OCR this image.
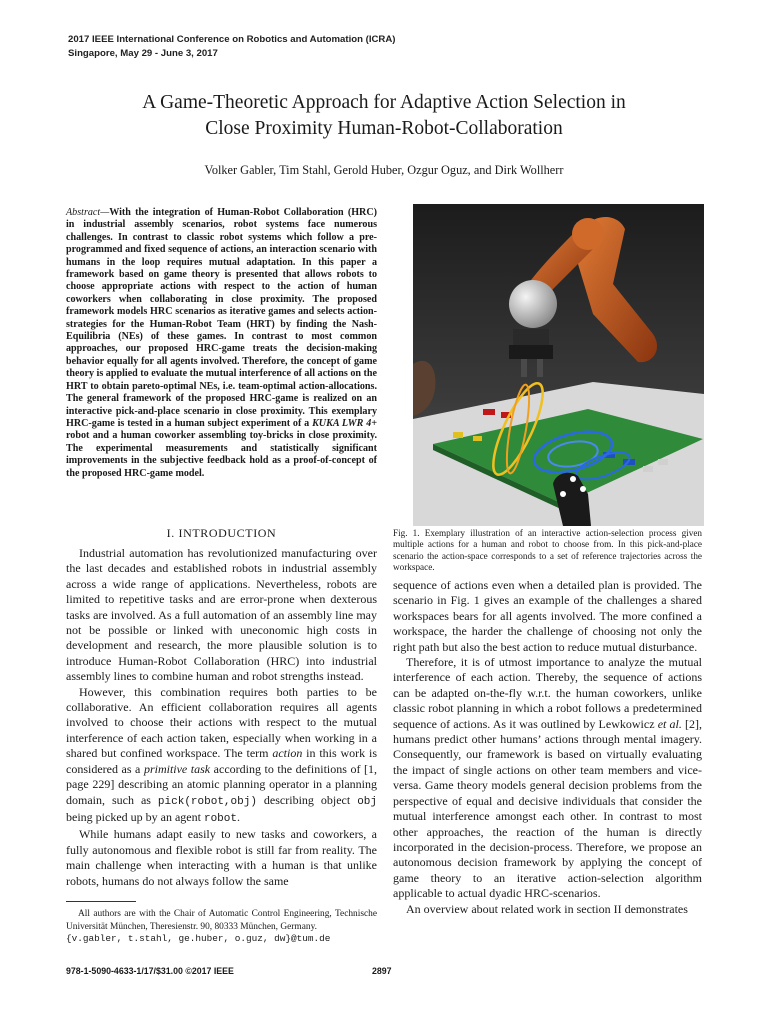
2017 IEEE International Conference on Robotics and Automation (ICRA)
Singapore, May 29 - June 3, 2017
A Game-Theoretic Approach for Adaptive Action Selection in
Close Proximity Human-Robot-Collaboration
Volker Gabler, Tim Stahl, Gerold Huber, Ozgur Oguz, and Dirk Wollherr
Abstract—With the integration of Human-Robot Collaboration (HRC) in industrial assembly scenarios, robot systems face numerous challenges. In contrast to classic robot systems which follow a pre-programmed and fixed sequence of actions, an interaction scenario with humans in the loop requires mutual adaptation. In this paper a framework based on game theory is presented that allows robots to choose appropriate actions with respect to the action of human coworkers when collaborating in close proximity. The proposed framework models HRC scenarios as iterative games and selects action-strategies for the Human-Robot Team (HRT) by finding the Nash-Equilibria (NEs) of these games. In contrast to most common approaches, our proposed HRC-game treats the decision-making behavior equally for all agents involved. Therefore, the concept of game theory is applied to evaluate the mutual interference of all actions on the HRT to obtain pareto-optimal NEs, i.e. team-optimal action-allocations. The general framework of the proposed HRC-game is realized on an interactive pick-and-place scenario in close proximity. This exemplary HRC-game is tested in a human subject experiment of a KUKA LWR 4+ robot and a human coworker assembling toy-bricks in close proximity. The experimental measurements and statistically significant improvements in the subjective feedback hold as a proof-of-concept of the proposed HRC-game model.
I. INTRODUCTION

Industrial automation has revolutionized manufacturing over the last decades and established robots in industrial assembly across a wide range of applications. Nevertheless, robots are limited to repetitive tasks and are error-prone when dexterous tasks are involved. As a full automation of an assembly line may not be possible or linked with uneconomic high costs in development and research, the more plausible solution is to introduce Human-Robot Collaboration (HRC) into industrial assembly lines to combine human and robot strengths instead.

However, this combination requires both parties to be collaborative. An efficient collaboration requires all agents involved to choose their actions with respect to the mutual interference of each action taken, especially when working in a shared but confined workspace. The term action in this work is considered as a primitive task according to the definitions of [1, page 229] describing an atomic planning operator in a planning domain, such as pick(robot,obj) describing object obj being picked up by an agent robot.

While humans adapt easily to new tasks and coworkers, a fully autonomous and flexible robot is still far from reality. The main challenge when interacting with a human is that unlike robots, humans do not always follow the same

All authors are with the Chair of Automatic Control Engineering, Technische Universität München, Theresienstr. 90, 80333 München, Germany.
{v.gabler, t.stahl, ge.huber, o.guz, dw}@tum.de
Fig. 1. Exemplary illustration of an interactive action-selection process given multiple actions for a human and robot to choose from. In this pick-and-place scenario the action-space corresponds to a set of reference trajectories across the workspace.

sequence of actions even when a detailed plan is provided. The scenario in Fig. 1 gives an example of the challenges a shared workspaces bears for all agents involved. The more confined a workspace, the harder the challenge of choosing not only the right path but also the best action to reduce mutual disturbance.

Therefore, it is of utmost importance to analyze the mutual interference of each action. Thereby, the sequence of actions can be adapted on-the-fly w.r.t. the human coworkers, unlike classic robot planning in which a robot follows a predetermined sequence of actions. As it was outlined by Lewkowicz et al. [2], humans predict other humans’ actions through mental imagery. Consequently, our framework is based on virtually evaluating the impact of single actions on other team members and vice-versa. Game theory models general decision problems from the perspective of equal and decisive individuals that consider the mutual interference amongst each other. In contrast to most other approaches, the reaction of the human is directly incorporated in the decision-process. Therefore, we propose an autonomous decision framework by applying the concept of game theory to an iterative action-selection algorithm applicable to actual dyadic HRC-scenarios.

An overview about related work in section II demonstrates

978-1-5090-4633-1/17/$31.00 ©2017 IEEE	2897
